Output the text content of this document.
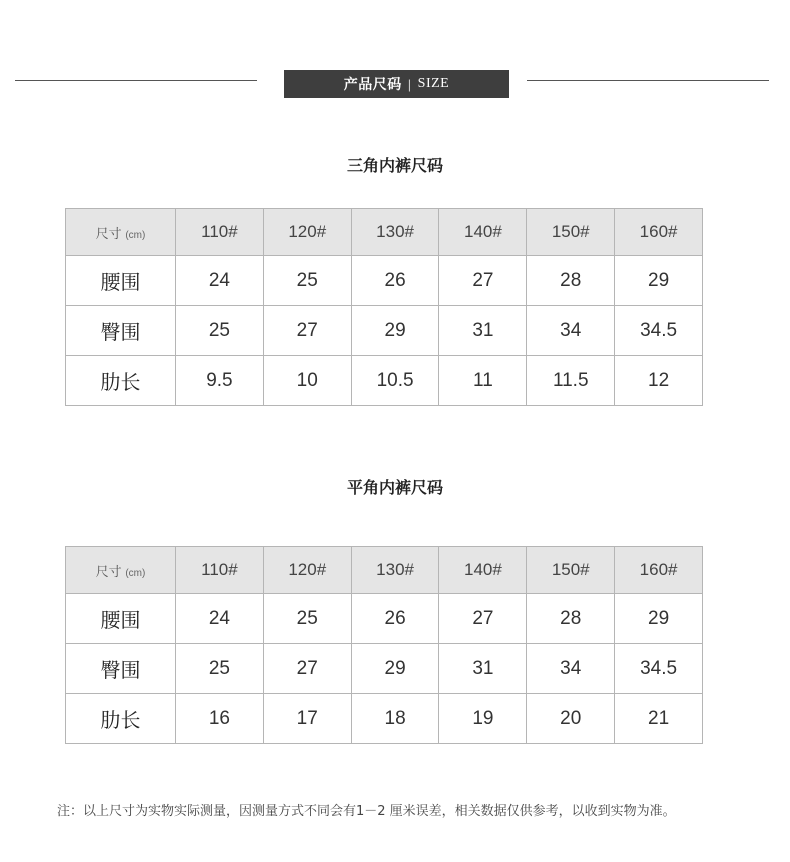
产品尺码 | SIZE
三角内裤尺码
尺寸 (cm)	110#	120#	130#	140#	150#	160#
腰围	24	25	26	27	28	29
臀围	25	27	29	31	34	34.5
肋长	9.5	10	10.5	11	11.5	12
平角内裤尺码
尺寸 (cm)	110#	120#	130#	140#	150#	160#
腰围	24	25	26	27	28	29
臀围	25	27	29	31	34	34.5
肋长	16	17	18	19	20	21
注：以上尺寸为实物实际测量，因测量方式不同会有1－2 厘米误差，相关数据仅供参考，以收到实物为准。
